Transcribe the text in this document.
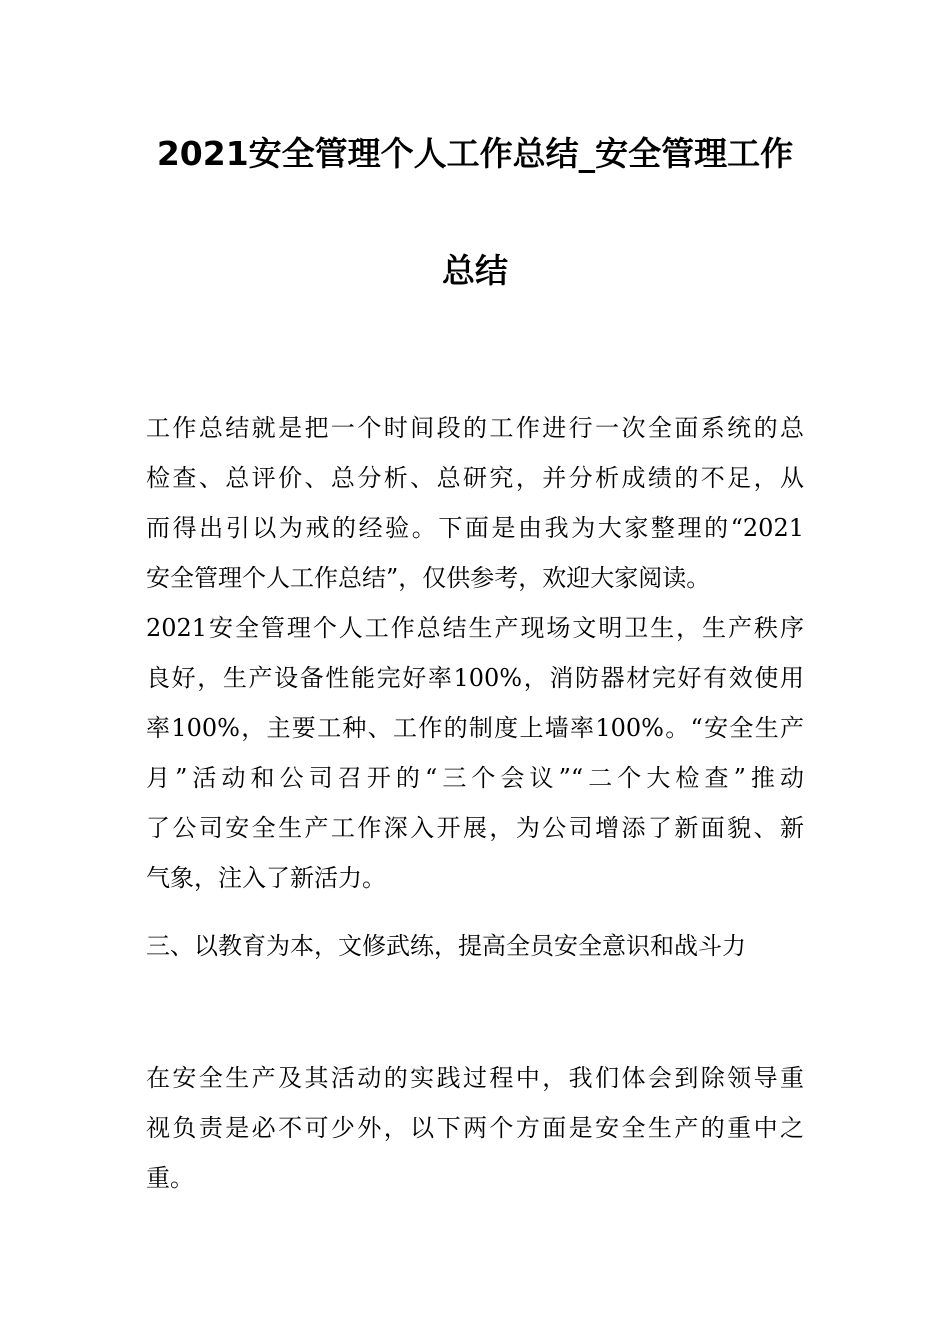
2021安全管理个人工作总结_安全管理工作
总结

工作总结就是把一个时间段的工作进行一次全面系统的总
检查、总评价、总分析、总研究，并分析成绩的不足，从
而得出引以为戒的经验。下面是由我为大家整理的“2021
安全管理个人工作总结”，仅供参考，欢迎大家阅读。

2021安全管理个人工作总结生产现场文明卫生，生产秩序
良好，生产设备性能完好率100%，消防器材完好有效使用
率100%，主要工种、工作的制度上墙率100%。“安全生产
月”活动和公司召开的“三个会议”“二个大检查”推动
了公司安全生产工作深入开展，为公司增添了新面貌、新
气象，注入了新活力。

三、以教育为本，文修武练，提高全员安全意识和战斗力

在安全生产及其活动的实践过程中，我们体会到除领导重
视负责是必不可少外，以下两个方面是安全生产的重中之
重。
